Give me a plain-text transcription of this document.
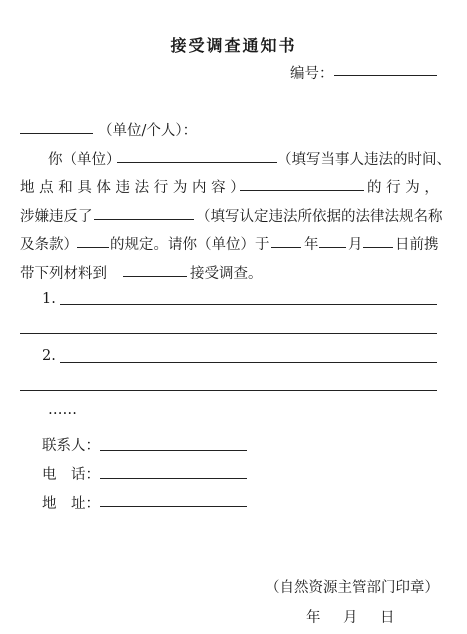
接受调查通知书
编号：
（单位/个人）：
你（单位）	（填写当事人违法的时间、
地 点 和 具 体 违 法 行 为 内 容 ）	的 行 为 ，
涉嫌违反了	（填写认定违法所依据的法律法规名称
及条款） 的规定。请你（单位）于 年 月 日前携
带下列材料到	接受调查。
1.
2.
……
联系人：
电　话：
地　址：
（自然资源主管部门印章）
年 月 日
